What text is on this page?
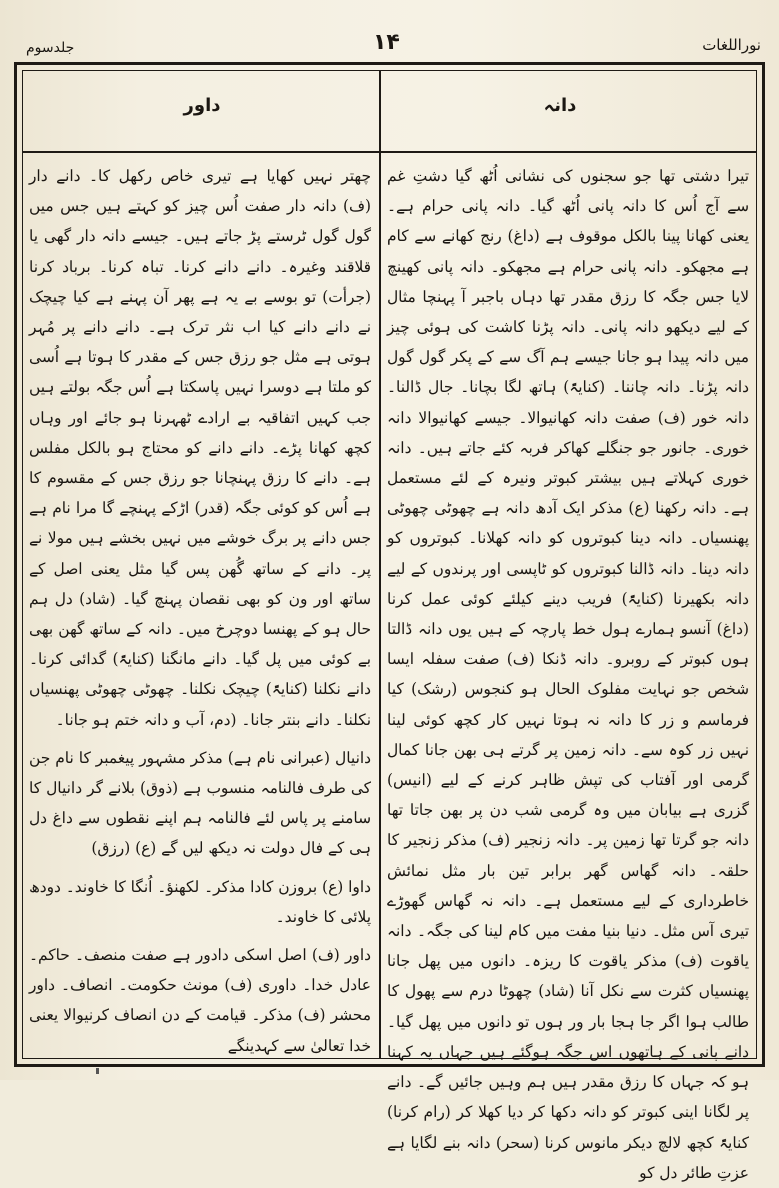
نوراللغات
١۴
جلدسوم
دانہ
داور

تیرا دشتی تھا جو سجنوں کی نشانی اُٹھ گیا دشتِ غم سے آج اُس کا دانہ پانی اُٹھ گیا۔ دانہ پانی حرام ہے۔ یعنی کھانا پینا بالکل موقوف ہے (داغ) رنج کھانے سے کام ہے مجھکو۔ دانہ پانی حرام ہے مجھکو۔ دانہ پانی کھینچ لایا جس جگہ کا رزق مقدر تھا دہاں باجبر آ پہنچا مثال کے لیے دیکھو دانہ پانی۔ دانہ پڑنا کاشت کی ہوئی چیز میں دانہ پیدا ہو جانا جیسے ہم آگ سے کے پکر گول گول دانہ پڑنا۔ دانہ چاننا۔ (کنایۃً) ہاتھ لگا بچانا۔ جال ڈالنا۔ دانہ خور (ف) صفت دانہ کھانیوالا۔ جیسے کھانیوالا دانہ خوری۔ جانور جو جنگلے کھاکر فربہ کئے جاتے ہیں۔ دانہ خوری کہلاتے ہیں بیشتر کبوتر ونیرہ کے لئے مستعمل ہے۔ دانہ رکھنا (ع) مذکر ایک آدھ دانہ ہے چھوٹی چھوٹی پھنسیاں۔ دانہ دینا کبوتروں کو دانہ کھلانا۔ کبوتروں کو دانہ دینا۔ دانہ ڈالنا کبوتروں کو ٹاپسی اور پرندوں کے لیے دانہ بکھیرنا (کنایۃً) فریب دینے کیلئے کوئی عمل کرنا (داغ) آنسو ہمارے ہول خط پارچہ کے ہیں یوں دانہ ڈالتا ہوں کبوتر کے روبرو۔ دانہ ڈنکا (ف) صفت سفلہ ایسا شخص جو نہایت مفلوک الحال ہو کنجوس (رشک) کیا فرماسم و زر کا دانہ نہ ہوتا نہیں کار کچھ کوئی لینا نہیں زر کوہ سے۔ دانہ زمین پر گرتے ہی بھن جانا کمال گرمی اور آفتاب کی تپش ظاہر کرنے کے لیے (انیس) گزری ہے بیابان میں وہ گرمی شب دن پر بھن جاتا تھا دانہ جو گرتا تھا زمین پر۔ دانہ زنجیر (ف) مذکر زنجیر کا حلقہ۔ دانہ گھاس گھر برابر تین بار مثل نمائش خاطرداری کے لیے مستعمل ہے۔ دانہ نہ گھاس گھوڑے تیری آس مثل۔ دنیا بنیا مفت میں کام لینا کی جگہ۔ دانہ یاقوت (ف) مذکر یاقوت کا ریزہ۔ دانوں میں پھل جانا پھنسیاں کثرت سے نکل آنا (شاد) چھوٹا درم سے پھول کا طالب ہوا اگر جا ہجا بار ور ہوں تو دانوں میں پھل گیا۔ دانے پانی کے ہاتھوں اس جگہ ہوگئے ہیں جہاں یہ کہنا ہو کہ جہاں کا رزق مقدر ہیں ہم وہیں جائیں گے۔ دانے پر لگانا اینی کبوتر کو دانہ دکھا کر دیا کھلا کر (رام کرنا) کنایۃً کچھ لالچ دیکر مانوس کرنا (سحر) دانہ بنے لگایا ہے عزتِ طائر دل کو

چھتر نہیں کھایا ہے تیری خاص رکھل کا۔ دانے دار (ف) دانہ دار صفت اُس چیز کو کہتے ہیں جس میں گول گول ٹرستے پڑ جاتے ہیں۔ جیسے دانہ دار گھی یا قلاقند وغیرہ۔ دانے دانے کرنا۔ تباہ کرنا۔ برباد کرنا (جرأت) تو بوسے بے یہ ہے پھر آن پہنے ہے کیا چیچک نے دانے دانے کیا اب نثر ترک ہے۔ دانے دانے پر مُہر ہوتی ہے مثل جو رزق جس کے مقدر کا ہوتا ہے اُسی کو ملتا ہے دوسرا نہیں پاسکتا ہے اُس جگہ بولتے ہیں جب کہیں اتفاقیہ بے ارادے ٹھہرنا ہو جائے اور وہاں کچھ کھانا پڑے۔ دانے دانے کو محتاج ہو بالکل مفلس ہے۔ دانے کا رزق پہنچانا جو رزق جس کے مقسوم کا ہے اُس کو کوئی جگہ (قدر) اڑکے پہنچے گا مرا نام ہے جس دانے پر برگ خوشے میں نہیں بخشے ہیں مولا نے پر۔ دانے کے ساتھ گُھن پس گیا مثل یعنی اصل کے ساتھ اور ون کو بھی نقصان پہنچ گیا۔ (شاد) دل ہم حال ہو کے پھنسا دوچرخ میں۔ دانہ کے ساتھ گھن بھی بے کوئی میں پل گیا۔ دانے مانگنا (کنایۃً) گدائی کرنا۔ دانے نکلنا (کنایۃً) چیچک نکلنا۔ چھوٹی چھوٹی پھنسیاں نکلنا۔ دانے بنتر جانا۔ (دم، آب و دانہ ختم ہو جانا۔

دانیال (عبرانی نام ہے) مذکر مشہور پیغمبر کا نام جن کی طرف فالنامہ منسوب ہے (ذوق) بلانے گر دانیال کا سامنے پر پاس لئے فالنامہ ہم اپنے نقطوں سے داغ دل ہی کے فال دولت نہ دیکھ لیں گے (ع) (رزق)

داوا (ع) بروزن کادا مذکر۔ لکھنؤ۔ اُنگا کا خاوند۔ دودھ پلائی کا خاوند۔

داور (ف) اصل اسکی دادور ہے صفت منصف۔ حاکم۔ عادل خدا۔ داوری (ف) مونث حکومت۔ انصاف۔ داور محشر (ف) مذکر۔ قیامت کے دن انصاف کرنیوالا یعنی خدا تعالیٰ سے کہدینگے
